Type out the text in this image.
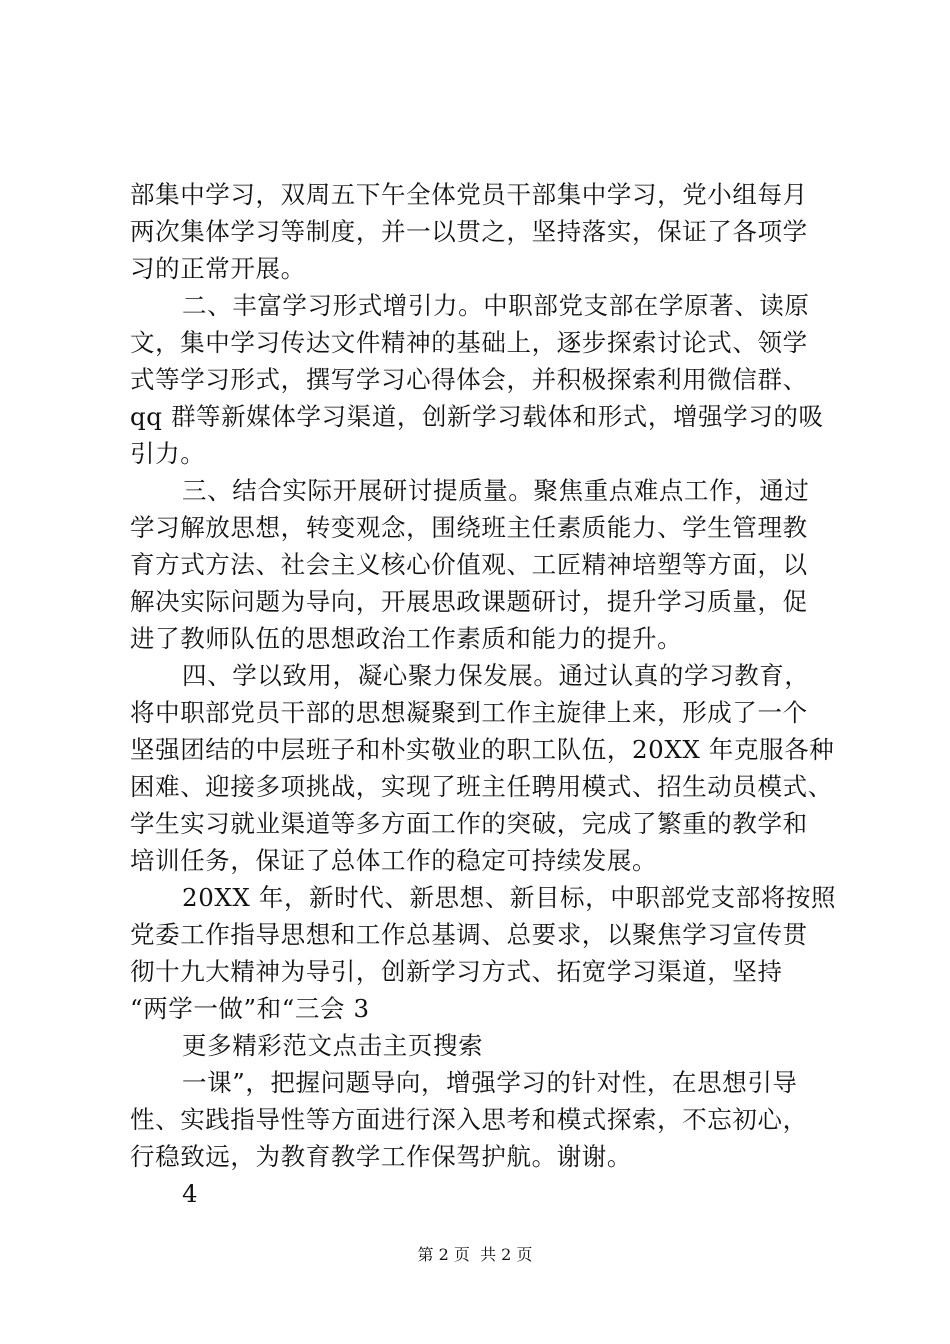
部集中学习，双周五下午全体党员干部集中学习，党小组每月
两次集体学习等制度，并一以贯之，坚持落实，保证了各项学
习的正常开展。
二、丰富学习形式增引力。中职部党支部在学原著、读原
文，集中学习传达文件精神的基础上，逐步探索讨论式、领学
式等学习形式，撰写学习心得体会，并积极探索利用微信群、
qq 群等新媒体学习渠道，创新学习载体和形式，增强学习的吸
引力。
三、结合实际开展研讨提质量。聚焦重点难点工作，通过
学习解放思想，转变观念，围绕班主任素质能力、学生管理教
育方式方法、社会主义核心价值观、工匠精神培塑等方面，以
解决实际问题为导向，开展思政课题研讨，提升学习质量，促
进了教师队伍的思想政治工作素质和能力的提升。
四、学以致用，凝心聚力保发展。通过认真的学习教育，
将中职部党员干部的思想凝聚到工作主旋律上来，形成了一个
坚强团结的中层班子和朴实敬业的职工队伍，20XX 年克服各种
困难、迎接多项挑战，实现了班主任聘用模式、招生动员模式、
学生实习就业渠道等多方面工作的突破，完成了繁重的教学和
培训任务，保证了总体工作的稳定可持续发展。
20XX 年，新时代、新思想、新目标，中职部党支部将按照
党委工作指导思想和工作总基调、总要求，以聚焦学习宣传贯
彻十九大精神为导引，创新学习方式、拓宽学习渠道，坚持
“两学一做”和“三会 3
更多精彩范文点击主页搜索
一课”，把握问题导向，增强学习的针对性，在思想引导
性、实践指导性等方面进行深入思考和模式探索，不忘初心，
行稳致远，为教育教学工作保驾护航。谢谢。
4
第 2 页  共 2 页
